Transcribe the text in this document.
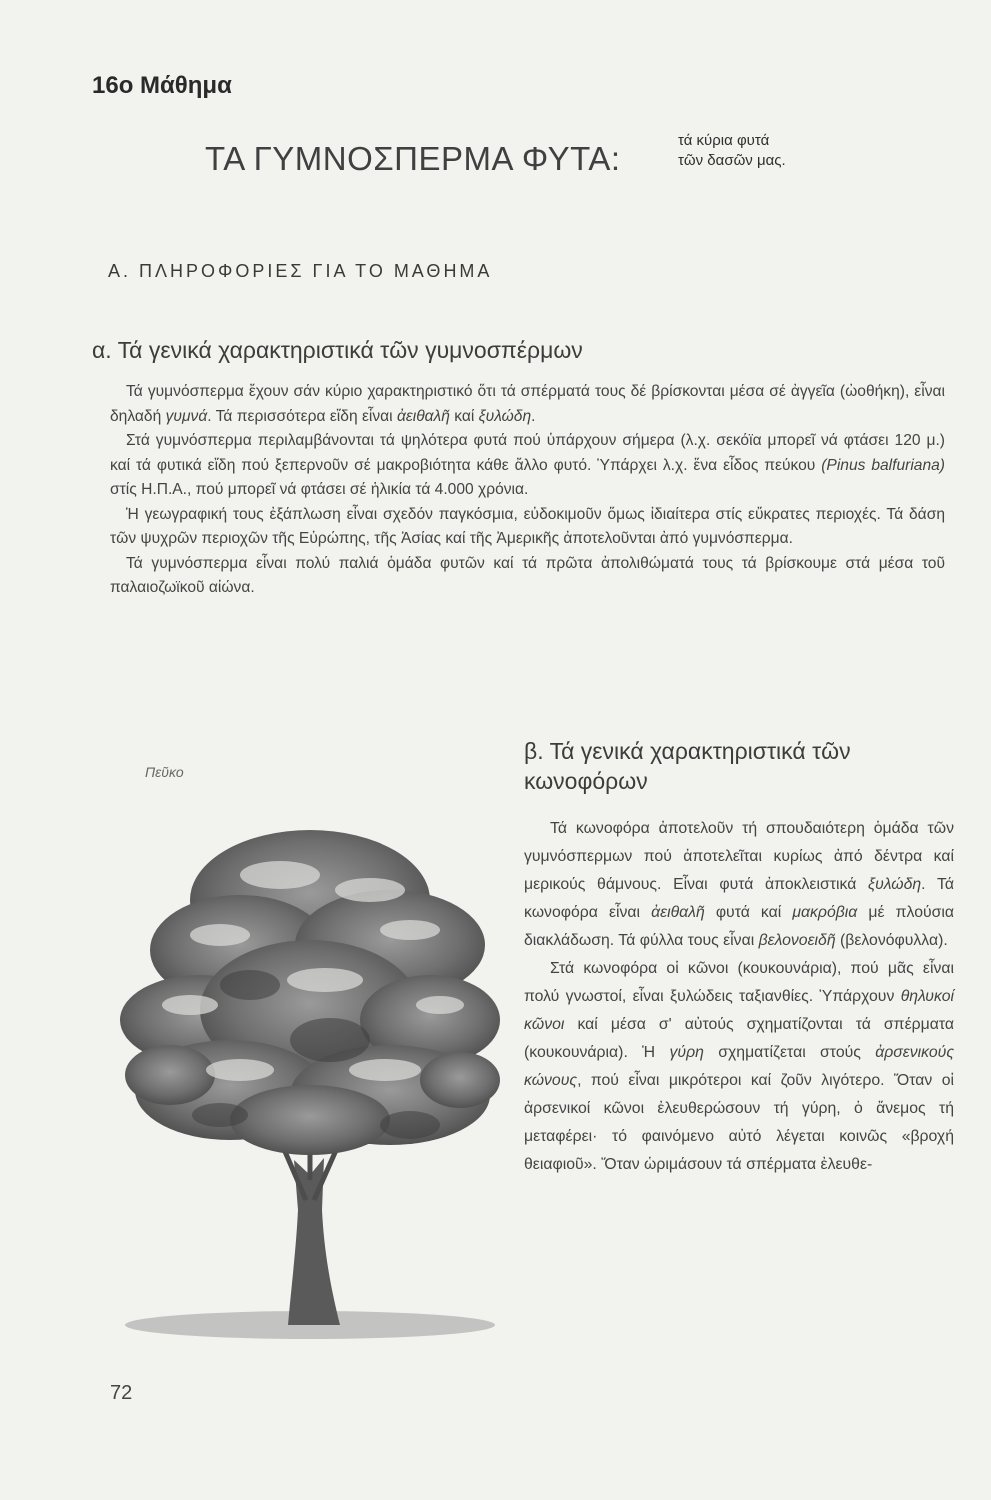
16ο Μάθημα
ΤΑ ΓΥΜΝΟΣΠΕΡΜΑ ΦΥΤΑ:	τά κύρια φυτά
τῶν δασῶν μας.
Α. ΠΛΗΡΟΦΟΡΙΕΣ ΓΙΑ ΤΟ ΜΑΘΗΜΑ
α. Τά γενικά χαρακτηριστικά τῶν γυμνοσπέρμων

Τά γυμνόσπερμα ἔχουν σάν κύριο χαρακτηριστικό ὅτι τά σπέρματά τους δέ βρίσκονται μέσα σέ ἀγγεῖα (ὠοθήκη), εἶναι δηλαδή γυμνά. Τά περισσότερα εἴδη εἶναι ἀειθαλῆ καί ξυλώδη.

Στά γυμνόσπερμα περιλαμβάνονται τά ψηλότερα φυτά πού ὑπάρχουν σήμερα (λ.χ. σεκόϊα μπορεῖ νά φτάσει 120 μ.) καί τά φυτικά εἴδη πού ξεπερνοῦν σέ μακροβιότητα κάθε ἄλλο φυτό. Ὑπάρχει λ.χ. ἕνα εἶδος πεύκου (Pinus balfuriana) στίς Η.Π.Α., πού μπορεῖ νά φτάσει σέ ἡλικία τά 4.000 χρόνια.

Ἡ γεωγραφική τους ἐξάπλωση εἶναι σχεδόν παγκόσμια, εὐδοκιμοῦν ὅμως ἰδιαίτερα στίς εὔκρατες περιοχές. Τά δάση τῶν ψυχρῶν περιοχῶν τῆς Εὐρώπης, τῆς Ἀσίας καί τῆς Ἀμερικῆς ἀποτελοῦνται ἀπό γυμνόσπερμα.

Τά γυμνόσπερμα εἶναι πολύ παλιά ὁμάδα φυτῶν καί τά πρῶτα ἀπολιθώματά τους τά βρίσκουμε στά μέσα τοῦ παλαιοζωϊκοῦ αἰώνα.

Πεῦκο
β. Τά γενικά χαρακτηριστικά τῶν κωνοφόρων

Τά κωνοφόρα ἀποτελοῦν τή σπουδαιότερη ὁμάδα τῶν γυμνόσπερμων πού ἀποτελεῖται κυρίως ἀπό δέντρα καί μερικούς θάμνους. Εἶναι φυτά ἀποκλειστικά ξυλώδη. Τά κωνοφόρα εἶναι ἀειθαλῆ φυτά καί μακρόβια μέ πλούσια διακλάδωση. Τά φύλλα τους εἶναι βελονοειδῆ (βελονόφυλλα).

Στά κωνοφόρα οἱ κῶνοι (κουκουνάρια), πού μᾶς εἶναι πολύ γνωστοί, εἶναι ξυλώδεις ταξιανθίες. Ὑπάρχουν θηλυκοί κῶνοι καί μέσα σ' αὐτούς σχηματίζονται τά σπέρματα (κουκουνάρια). Ἡ γύρη σχηματίζεται στούς ἀρσενικούς κώνους, πού εἶναι μικρότεροι καί ζοῦν λιγότερο. Ὅταν οἱ ἀρσενικοί κῶνοι ἐλευθερώσουν τή γύρη, ὁ ἄνεμος τή μεταφέρει· τό φαινόμενο αὐτό λέγεται κοινῶς «βροχή θειαφιοῦ». Ὅταν ὡριμάσουν τά σπέρματα ἐλευθε-

72
